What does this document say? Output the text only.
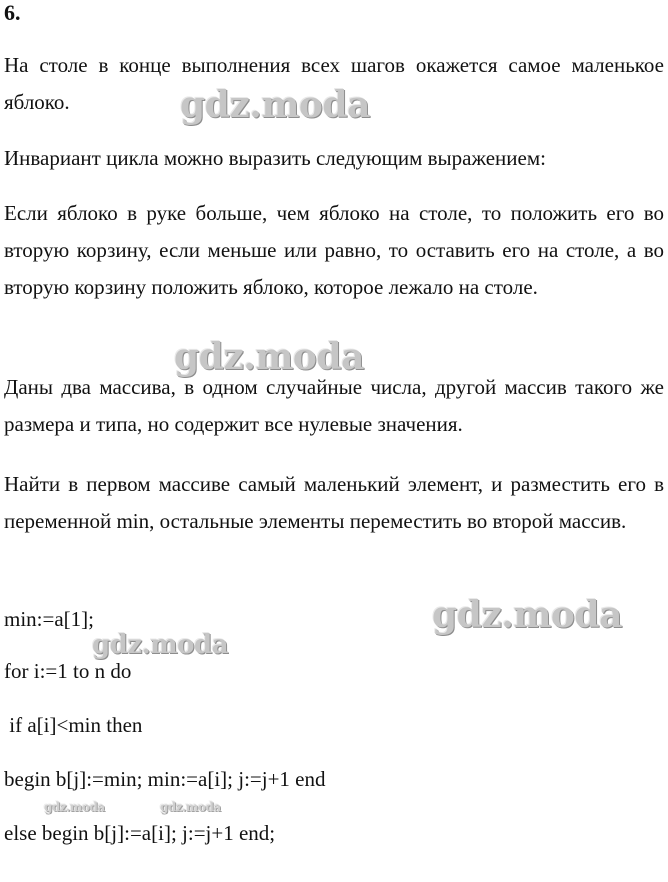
6.

На столе в конце выполнения всех шагов окажется самое маленькое яблоко.

Инвариант цикла можно выразить следующим выражением:

Если яблоко в руке больше, чем яблоко на столе, то положить его во вторую корзину, если меньше или равно, то оставить его на столе, а во вторую корзину положить яблоко, которое лежало на столе.

Даны два массива, в одном случайные числа, другой массив такого же размера и типа, но содержит все нулевые значения.

Найти в первом массиве самый маленький элемент, и разместить его в переменной min, остальные элементы переместить во второй массив.

min:=a[1];
for i:=1 to n do
if a[i]<min then
begin b[j]:=min; min:=a[i]; j:=j+1 end
else begin b[j]:=a[i]; j:=j+1 end;
gdz.moda
gdz.moda
gdz.moda
gdz.moda
gdz.moda	gdz.moda
